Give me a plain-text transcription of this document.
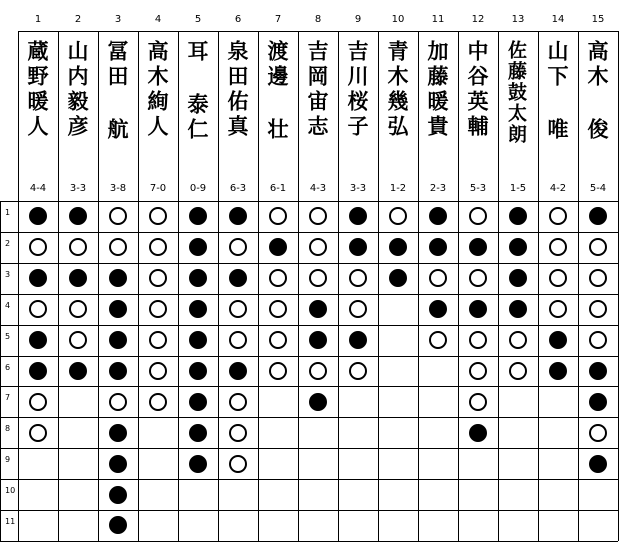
1
蔵野暖人
4-4
2
山内毅彦
3-3
3
冨田 航
3-8
4
高木絢人
7-0
5
耳 泰仁
0-9
6
泉田佑真
6-3
7
渡邊 壮
6-1
8
吉岡宙志
4-3
9
吉川桜子
3-3
10
青木幾弘
1-2
11
加藤暖貴
2-3
12
中谷英輔
5-3
13
佐藤鼓太朗
1-5
14
山下 唯
4-2
15
高木 俊
5-4
1
2
3
4
5
6
7
8
9
10
11
